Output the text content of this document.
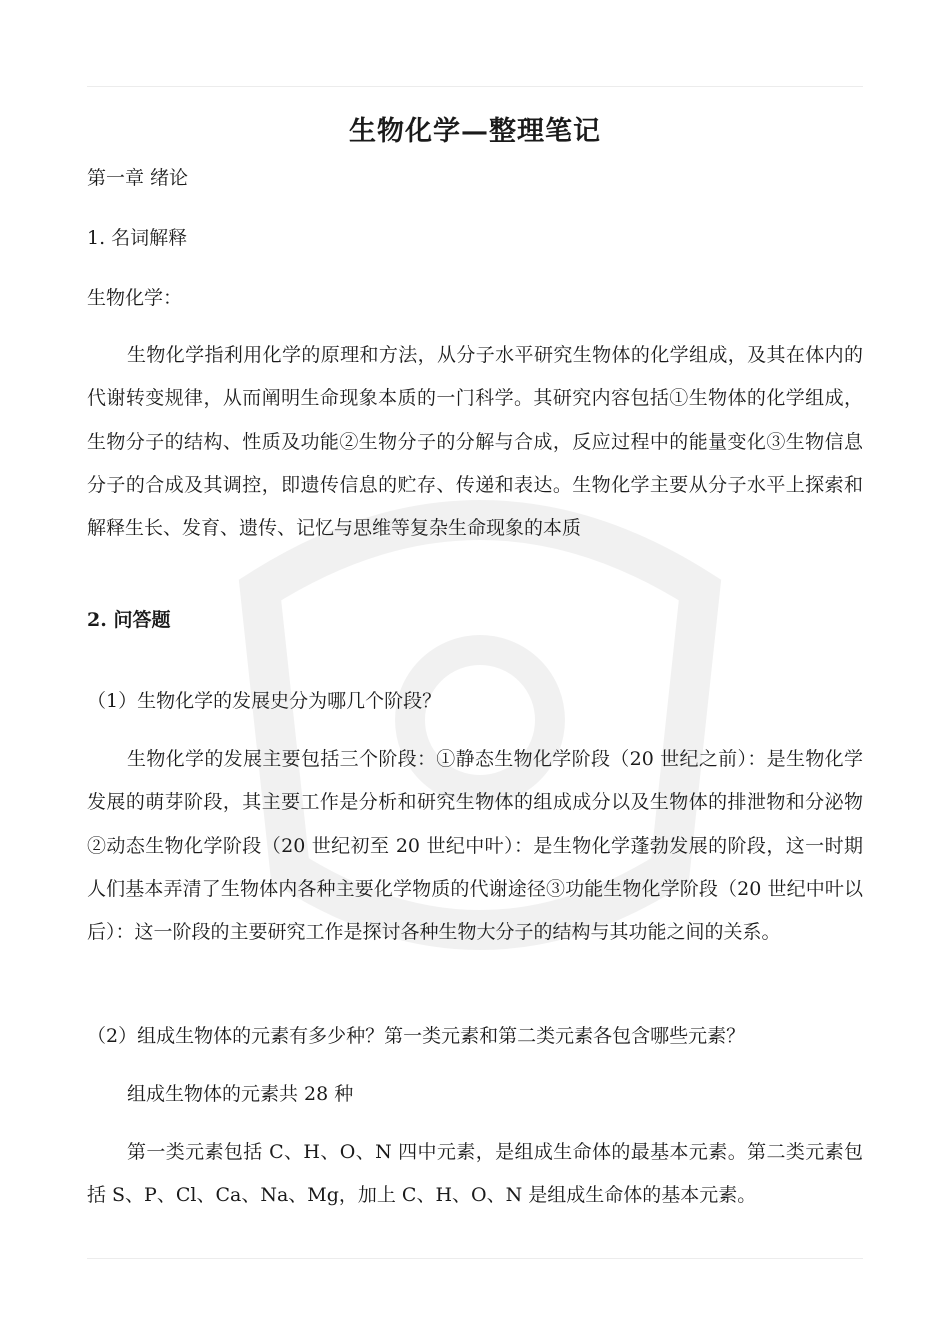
生物化学—整理笔记
第一章 绪论
1. 名词解释
生物化学：
生物化学指利用化学的原理和方法，从分子水平研究生物体的化学组成，及其在体内的代谢转变规律，从而阐明生命现象本质的一门科学。其研究内容包括①生物体的化学组成，生物分子的结构、性质及功能②生物分子的分解与合成，反应过程中的能量变化③生物信息分子的合成及其调控，即遗传信息的贮存、传递和表达。生物化学主要从分子水平上探索和解释生长、发育、遗传、记忆与思维等复杂生命现象的本质
2. 问答题
（1）生物化学的发展史分为哪几个阶段？
生物化学的发展主要包括三个阶段：①静态生物化学阶段（20 世纪之前）：是生物化学发展的萌芽阶段，其主要工作是分析和研究生物体的组成成分以及生物体的排泄物和分泌物②动态生物化学阶段（20 世纪初至 20 世纪中叶）：是生物化学蓬勃发展的阶段，这一时期人们基本弄清了生物体内各种主要化学物质的代谢途径③功能生物化学阶段（20 世纪中叶以后）：这一阶段的主要研究工作是探讨各种生物大分子的结构与其功能之间的关系。
（2）组成生物体的元素有多少种？第一类元素和第二类元素各包含哪些元素？
组成生物体的元素共 28 种
第一类元素包括 C、H、O、N 四中元素，是组成生命体的最基本元素。第二类元素包括 S、P、Cl、Ca、Na、Mg，加上 C、H、O、N 是组成生命体的基本元素。
